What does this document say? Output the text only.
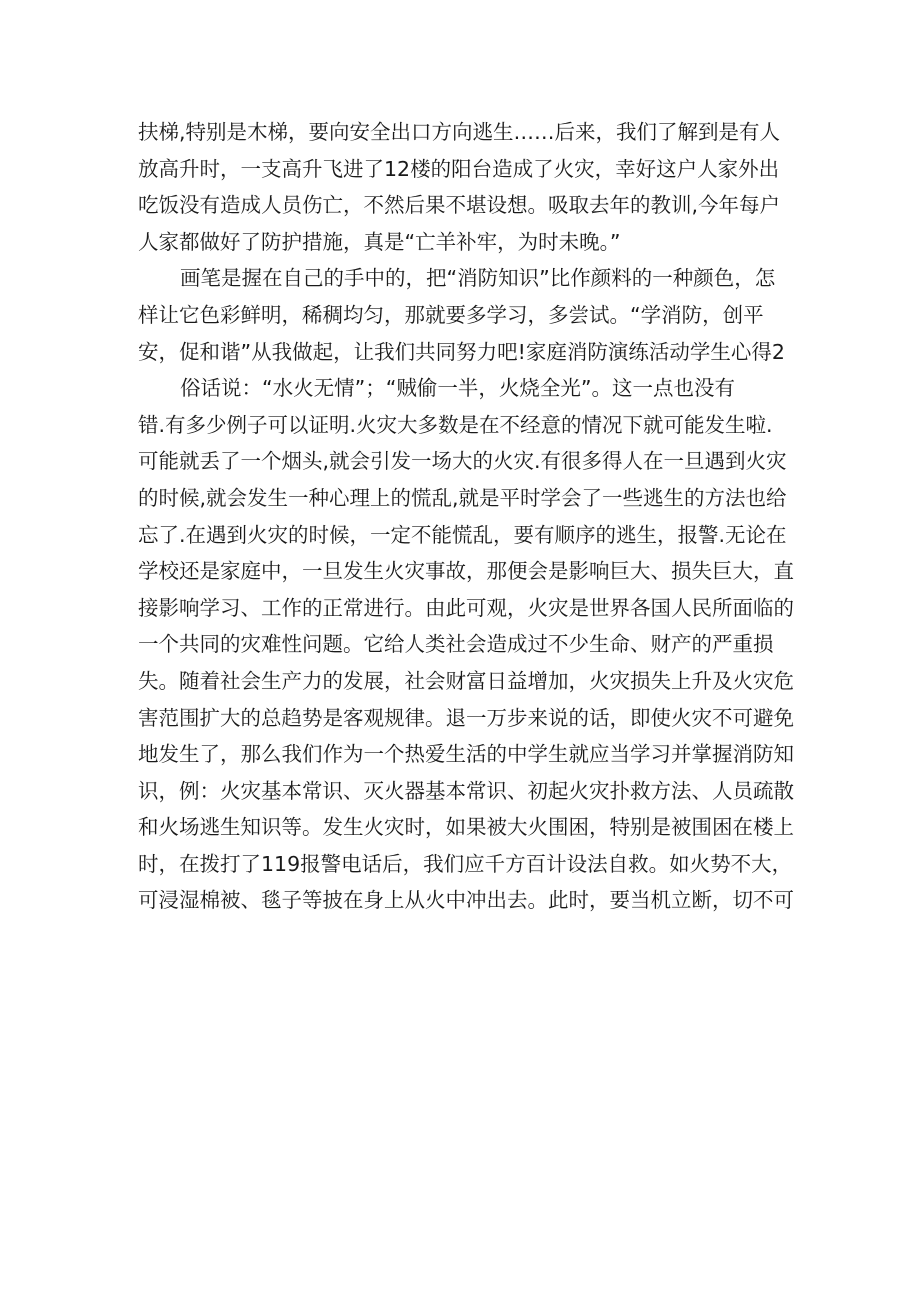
扶梯,特别是木梯，要向安全出口方向逃生……后来，我们了解到是有人
放高升时，一支高升飞进了12楼的阳台造成了火灾，幸好这户人家外出
吃饭没有造成人员伤亡，不然后果不堪设想。吸取去年的教训,今年每户
人家都做好了防护措施，真是“亡羊补牢，为时未晚。”
画笔是握在自己的手中的，把“消防知识”比作颜料的一种颜色，怎
样让它色彩鲜明，稀稠均匀，那就要多学习，多尝试。“学消防，创平
安，促和谐”从我做起，让我们共同努力吧!家庭消防演练活动学生心得2
俗话说：“水火无情”；“贼偷一半，火烧全光”。这一点也没有
错.有多少例子可以证明.火灾大多数是在不经意的情况下就可能发生啦.
可能就丢了一个烟头,就会引发一场大的火灾.有很多得人在一旦遇到火灾
的时候,就会发生一种心理上的慌乱,就是平时学会了一些逃生的方法也给
忘了.在遇到火灾的时候，一定不能慌乱，要有顺序的逃生，报警.无论在
学校还是家庭中，一旦发生火灾事故，那便会是影响巨大、损失巨大，直
接影响学习、工作的正常进行。由此可观，火灾是世界各国人民所面临的
一个共同的灾难性问题。它给人类社会造成过不少生命、财产的严重损
失。随着社会生产力的发展，社会财富日益增加，火灾损失上升及火灾危
害范围扩大的总趋势是客观规律。退一万步来说的话，即使火灾不可避免
地发生了，那么我们作为一个热爱生活的中学生就应当学习并掌握消防知
识，例：火灾基本常识、灭火器基本常识、初起火灾扑救方法、人员疏散
和火场逃生知识等。发生火灾时，如果被大火围困，特别是被围困在楼上
时，在拨打了119报警电话后，我们应千方百计设法自救。如火势不大，
可浸湿棉被、毯子等披在身上从火中冲出去。此时，要当机立断，切不可
